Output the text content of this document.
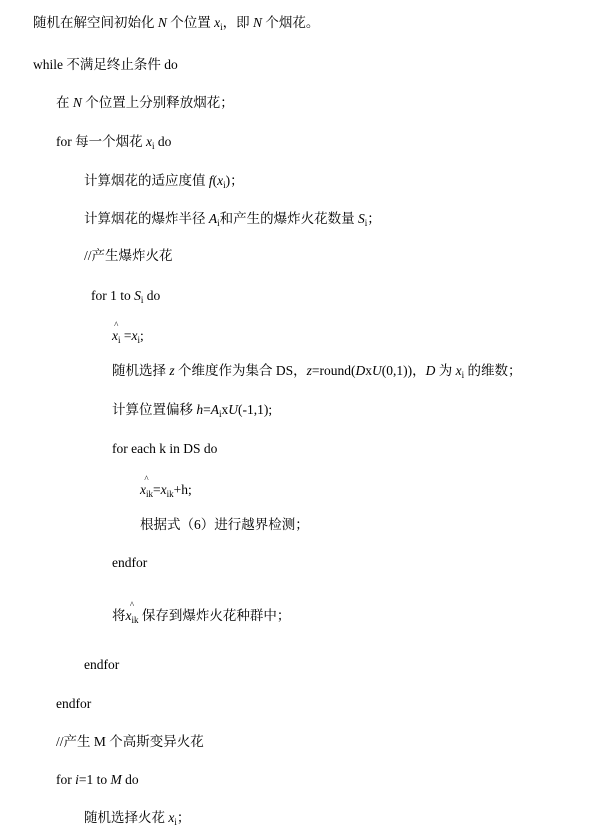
随机在解空间初始化 N 个位置 $x_i$，即 N 个烟花。
while 不满足终止条件 do
在 N 个位置上分别释放烟花；
for 每一个烟花 $x_i$ do
计算烟花的适应度值 $f(x_i)$；
计算烟花的爆炸半径 $A_i$和产生的爆炸火花数量 $S_i$；
//产生爆炸火花
for 1 to $S_i$ do
^ $x_i =x_i$;
随机选择 z 个维度作为集合 DS，z=round(DxU(0,1))，D 为 $x_i$ 的维数；
计算位置偏移 $h=A_ixU(-1,1)$;
for each k in DS do
^ $x_{ik}=x_{ik}+h$;
根据式（6）进行越界检测；
endfor
将^ $x_{ik}$ 保存到爆炸火花种群中；
endfor
endfor
//产生 M 个高斯变异火花
for i=1 to M do
随机选择火花 $x_i$；
